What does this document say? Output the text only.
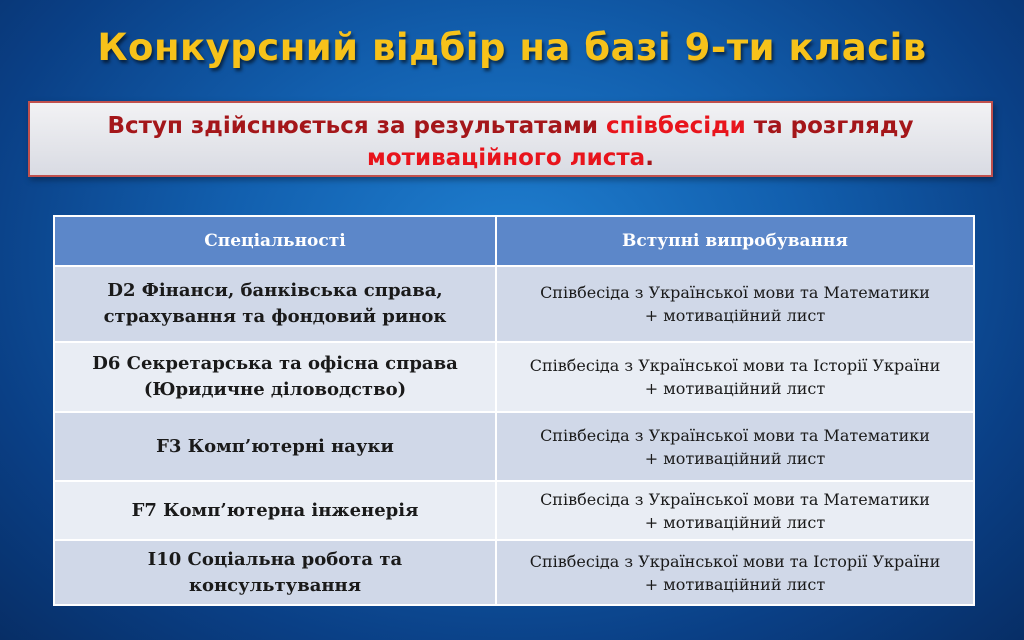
Конкурсний відбір на базі 9-ти класів
Вступ здійснюється за результатами співбесіди та розгляду
мотиваційного листа.
Спеціальності	Вступні випробування
D2 Фінанси, банківська справа,
страхування та фондовий ринок	Співбесіда з Української мови та Математики
+ мотиваційний лист
D6 Секретарська та офісна справа
(Юридичне діловодство)	Співбесіда з Української мови та Історії України
+ мотиваційний лист
F3 Комп’ютерні науки	Співбесіда з Української мови та Математики
+ мотиваційний лист
F7 Комп’ютерна інженерія	Співбесіда з Української мови та Математики
+ мотиваційний лист
І10 Соціальна робота та
консультування	Співбесіда з Української мови та Історії України
+ мотиваційний лист
